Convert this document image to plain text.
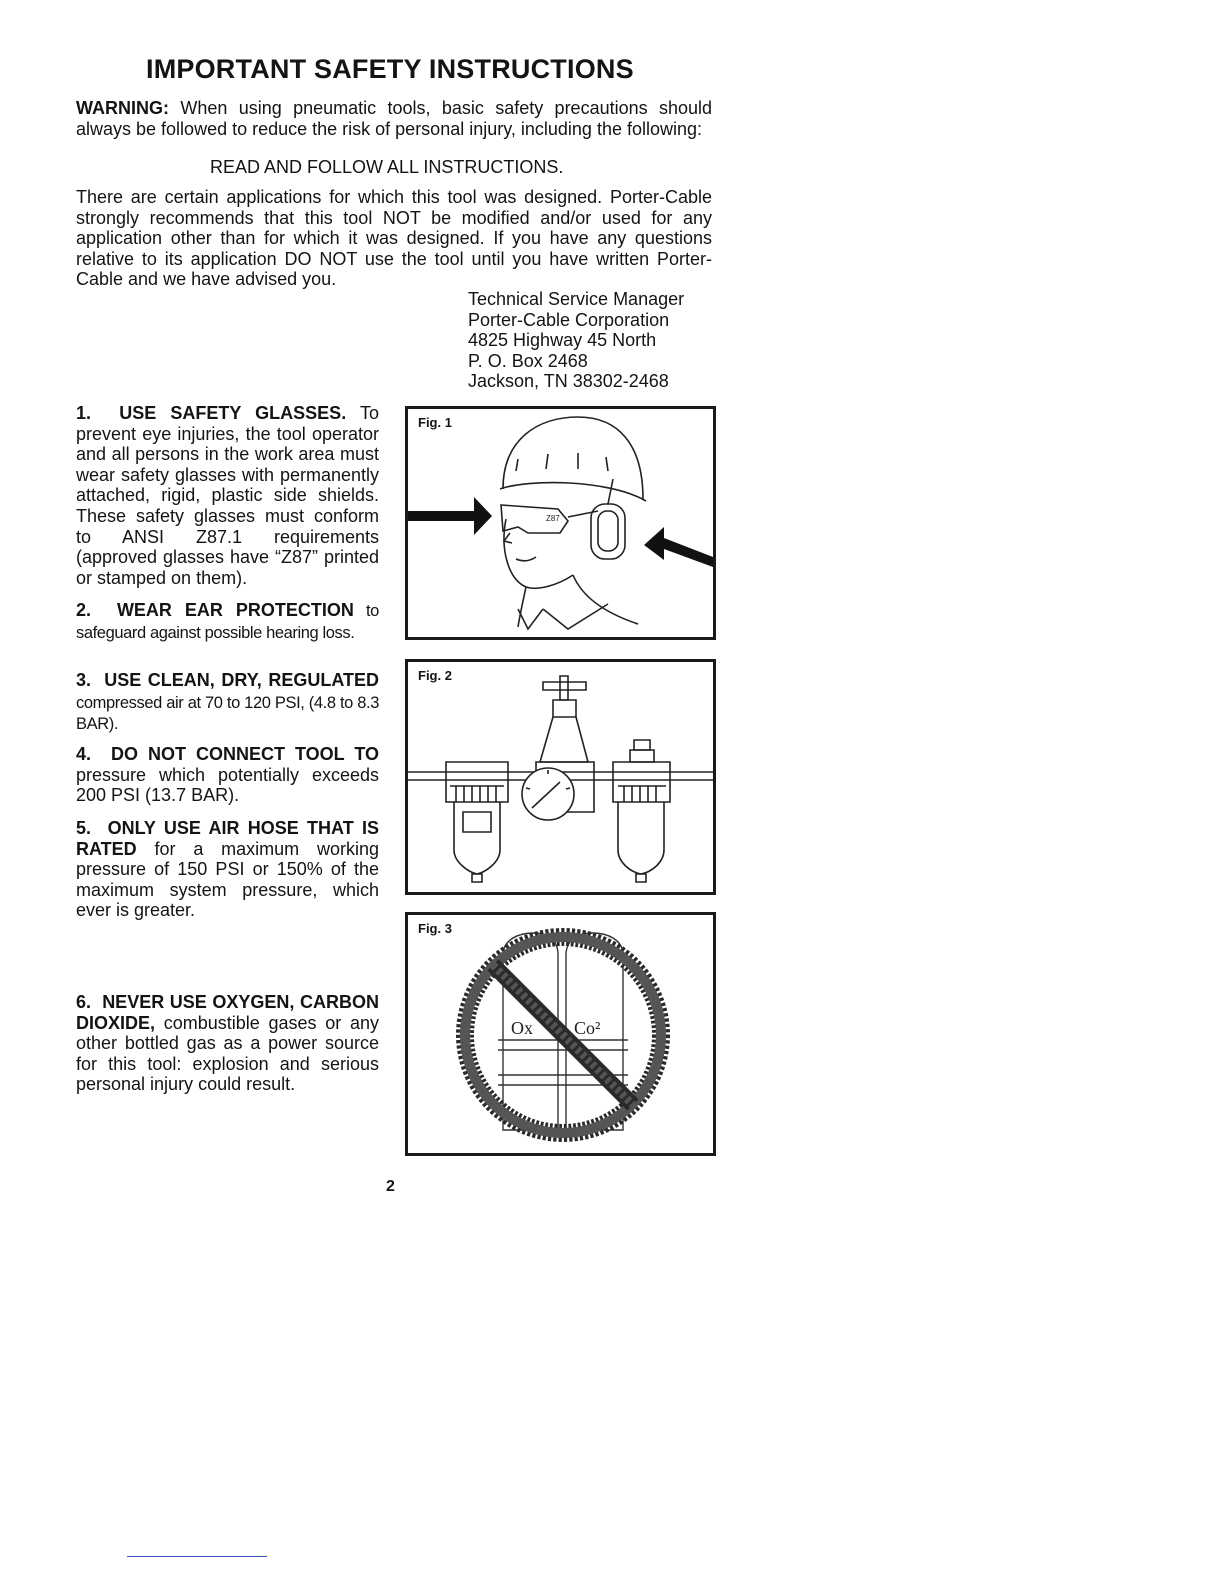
IMPORTANT SAFETY INSTRUCTIONS
WARNING: When using pneumatic tools, basic safety precautions should always be followed to reduce the risk of personal injury, including the following:
READ AND FOLLOW ALL INSTRUCTIONS.
There are certain applications for which this tool was designed. Porter-Cable strongly recommends that this tool NOT be modified and/or used for any application other than for which it was designed. If you have any questions relative to its application DO NOT use the tool until you have written Porter-Cable and we have advised you.
Technical Service Manager
Porter-Cable Corporation
4825 Highway 45 North
P. O. Box 2468
Jackson, TN 38302-2468
1. USE SAFETY GLASSES. To prevent eye injuries, the tool operator and all persons in the work area must wear safety glasses with permanently attached, rigid, plastic side shields. These safety glasses must conform to ANSI Z87.1 requirements (approved glasses have “Z87” printed or stamped on them).
2. WEAR EAR PROTECTION to safeguard against possible hearing loss.
3. USE CLEAN, DRY, REGULATED compressed air at 70 to 120 PSI, (4.8 to 8.3 BAR).
4. DO NOT CONNECT TOOL TO pressure which potentially exceeds 200 PSI (13.7 BAR).
5. ONLY USE AIR HOSE THAT IS RATED for a maximum working pressure of 150 PSI or 150% of the maximum system pressure, which ever is greater.
6. NEVER USE OXYGEN, CARBON DIOXIDE, combustible gases or any other bottled gas as a power source for this tool: explosion and serious personal injury could result.
Z87
Fig. 1
Fig. 2
Ox Co²
Fig. 3
2
